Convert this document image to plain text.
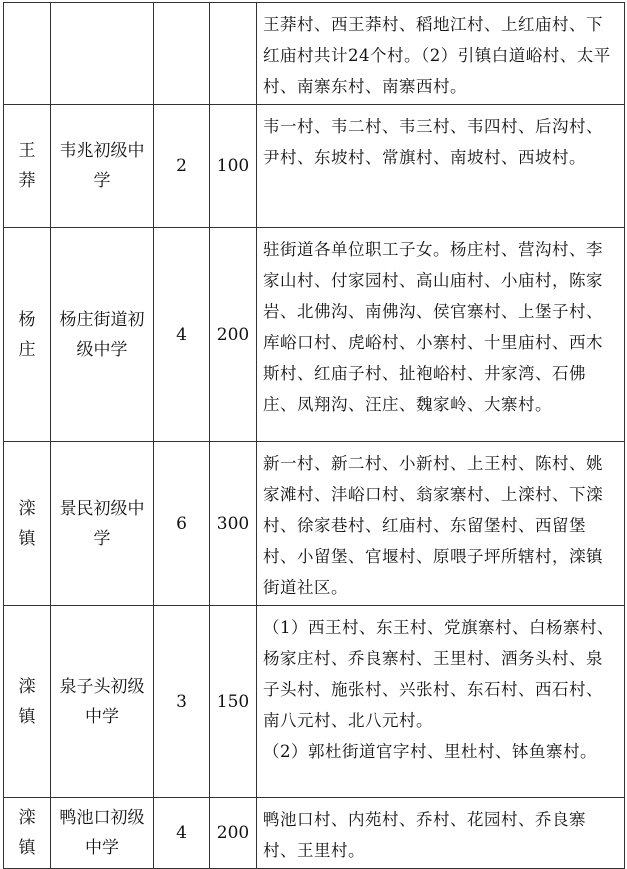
				王莽村、西王莽村、稻地江村、上红庙村、下红庙村共计24个村。（2）引镇白道峪村、太平村、南寨东村、南寨西村。

王莽	韦兆初级中学	2	100	韦一村、韦二村、韦三村、韦四村、后沟村、尹村、东坡村、常旗村、南坡村、西坡村。

杨庄	杨庄街道初级中学	4	200	驻街道各单位职工子女。杨庄村、营沟村、李家山村、付家园村、高山庙村、小庙村，陈家岩、北佛沟、南佛沟、侯官寨村、上堡子村、库峪口村、虎峪村、小寨村、十里庙村、西木斯村、红庙子村、扯袍峪村、井家湾、石佛庄、凤翔沟、汪庄、魏家岭、大寨村。

滦镇	景民初级中学	6	300	新一村、新二村、小新村、上王村、陈村、姚家滩村、沣峪口村、翁家寨村、上滦村、下滦村、徐家巷村、红庙村、东留堡村、西留堡村、小留堡、官堰村、原喂子坪所辖村，滦镇街道社区。

滦镇	泉子头初级中学	3	150	（1）西王村、东王村、党旗寨村、白杨寨村、杨家庄村、乔良寨村、王里村、酒务头村、泉子头村、施张村、兴张村、东石村、西石村、南八元村、北八元村。
（2）郭杜街道官字村、里杜村、钵鱼寨村。

滦镇	鸭池口初级中学	4	200	鸭池口村、内苑村、乔村、花园村、乔良寨村、王里村。
